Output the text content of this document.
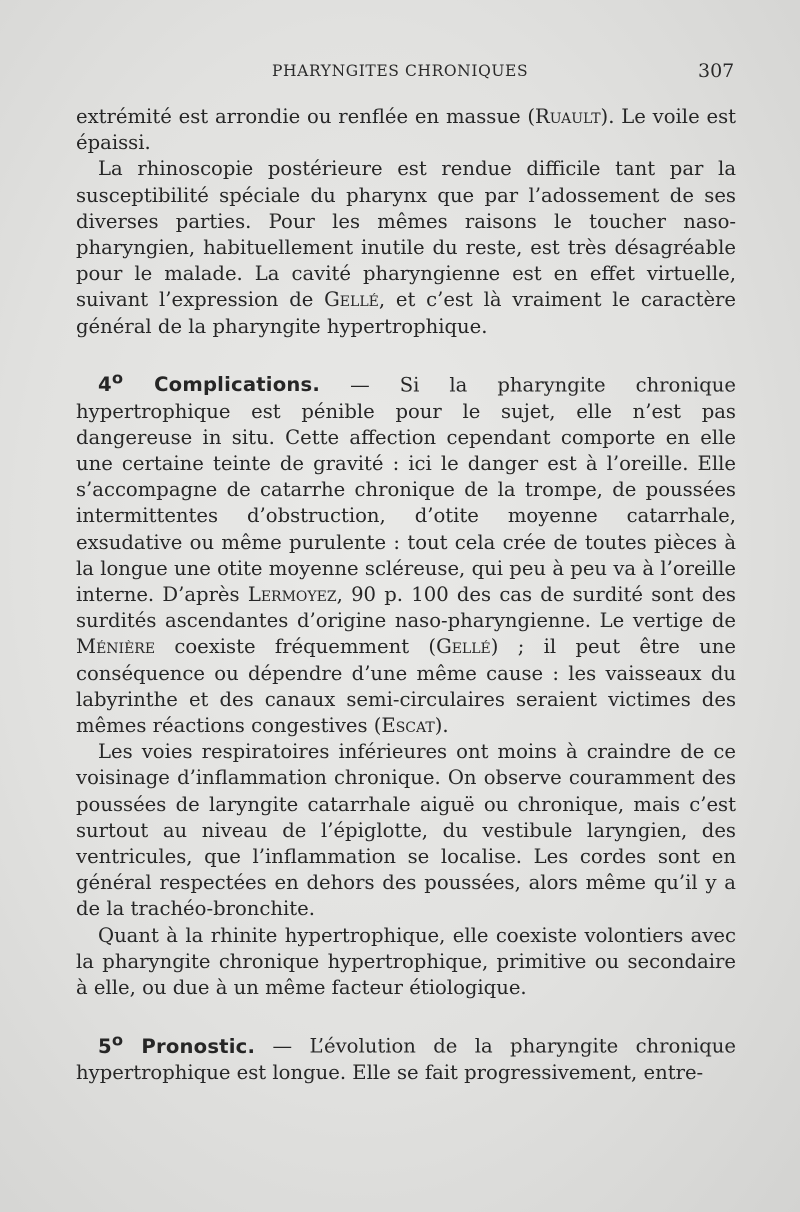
PHARYNGITES CHRONIQUES	307

extrémité est arrondie ou renflée en massue (Ruault). Le voile est épaissi.

La rhinoscopie postérieure est rendue difficile tant par la susceptibilité spéciale du pharynx que par l’adossement de ses diverses parties. Pour les mêmes raisons le toucher naso-pharyngien, habituellement inutile du reste, est très désagréable pour le malade. La cavité pharyngienne est en effet virtuelle, suivant l’expression de Gellé, et c’est là vraiment le caractère général de la pharyngite hypertrophique.

4$^o$ Complications. — Si la pharyngite chronique hypertrophique est pénible pour le sujet, elle n’est pas dangereuse in situ. Cette affection cependant comporte en elle une certaine teinte de gravité : ici le danger est à l’oreille. Elle s’accompagne de catarrhe chronique de la trompe, de poussées intermittentes d’obstruction, d’otite moyenne catarrhale, exsudative ou même purulente : tout cela crée de toutes pièces à la longue une otite moyenne scléreuse, qui peu à peu va à l’oreille interne. D’après Lermoyez, 90 p. 100 des cas de surdité sont des surdités ascendantes d’origine naso-pharyngienne. Le vertige de Ménière coexiste fréquemment (Gellé) ; il peut être une conséquence ou dépendre d’une même cause : les vaisseaux du labyrinthe et des canaux semi-circulaires seraient victimes des mêmes réactions congestives (Escat).

Les voies respiratoires inférieures ont moins à craindre de ce voisinage d’inflammation chronique. On observe couramment des poussées de laryngite catarrhale aiguë ou chronique, mais c’est surtout au niveau de l’épiglotte, du vestibule laryngien, des ventricules, que l’inflammation se localise. Les cordes sont en général respectées en dehors des poussées, alors même qu’il y a de la trachéo-bronchite.

Quant à la rhinite hypertrophique, elle coexiste volontiers avec la pharyngite chronique hypertrophique, primitive ou secondaire à elle, ou due à un même facteur étiologique.

5$^o$ Pronostic. — L’évolution de la pharyngite chronique hypertrophique est longue. Elle se fait progressivement, entre-
